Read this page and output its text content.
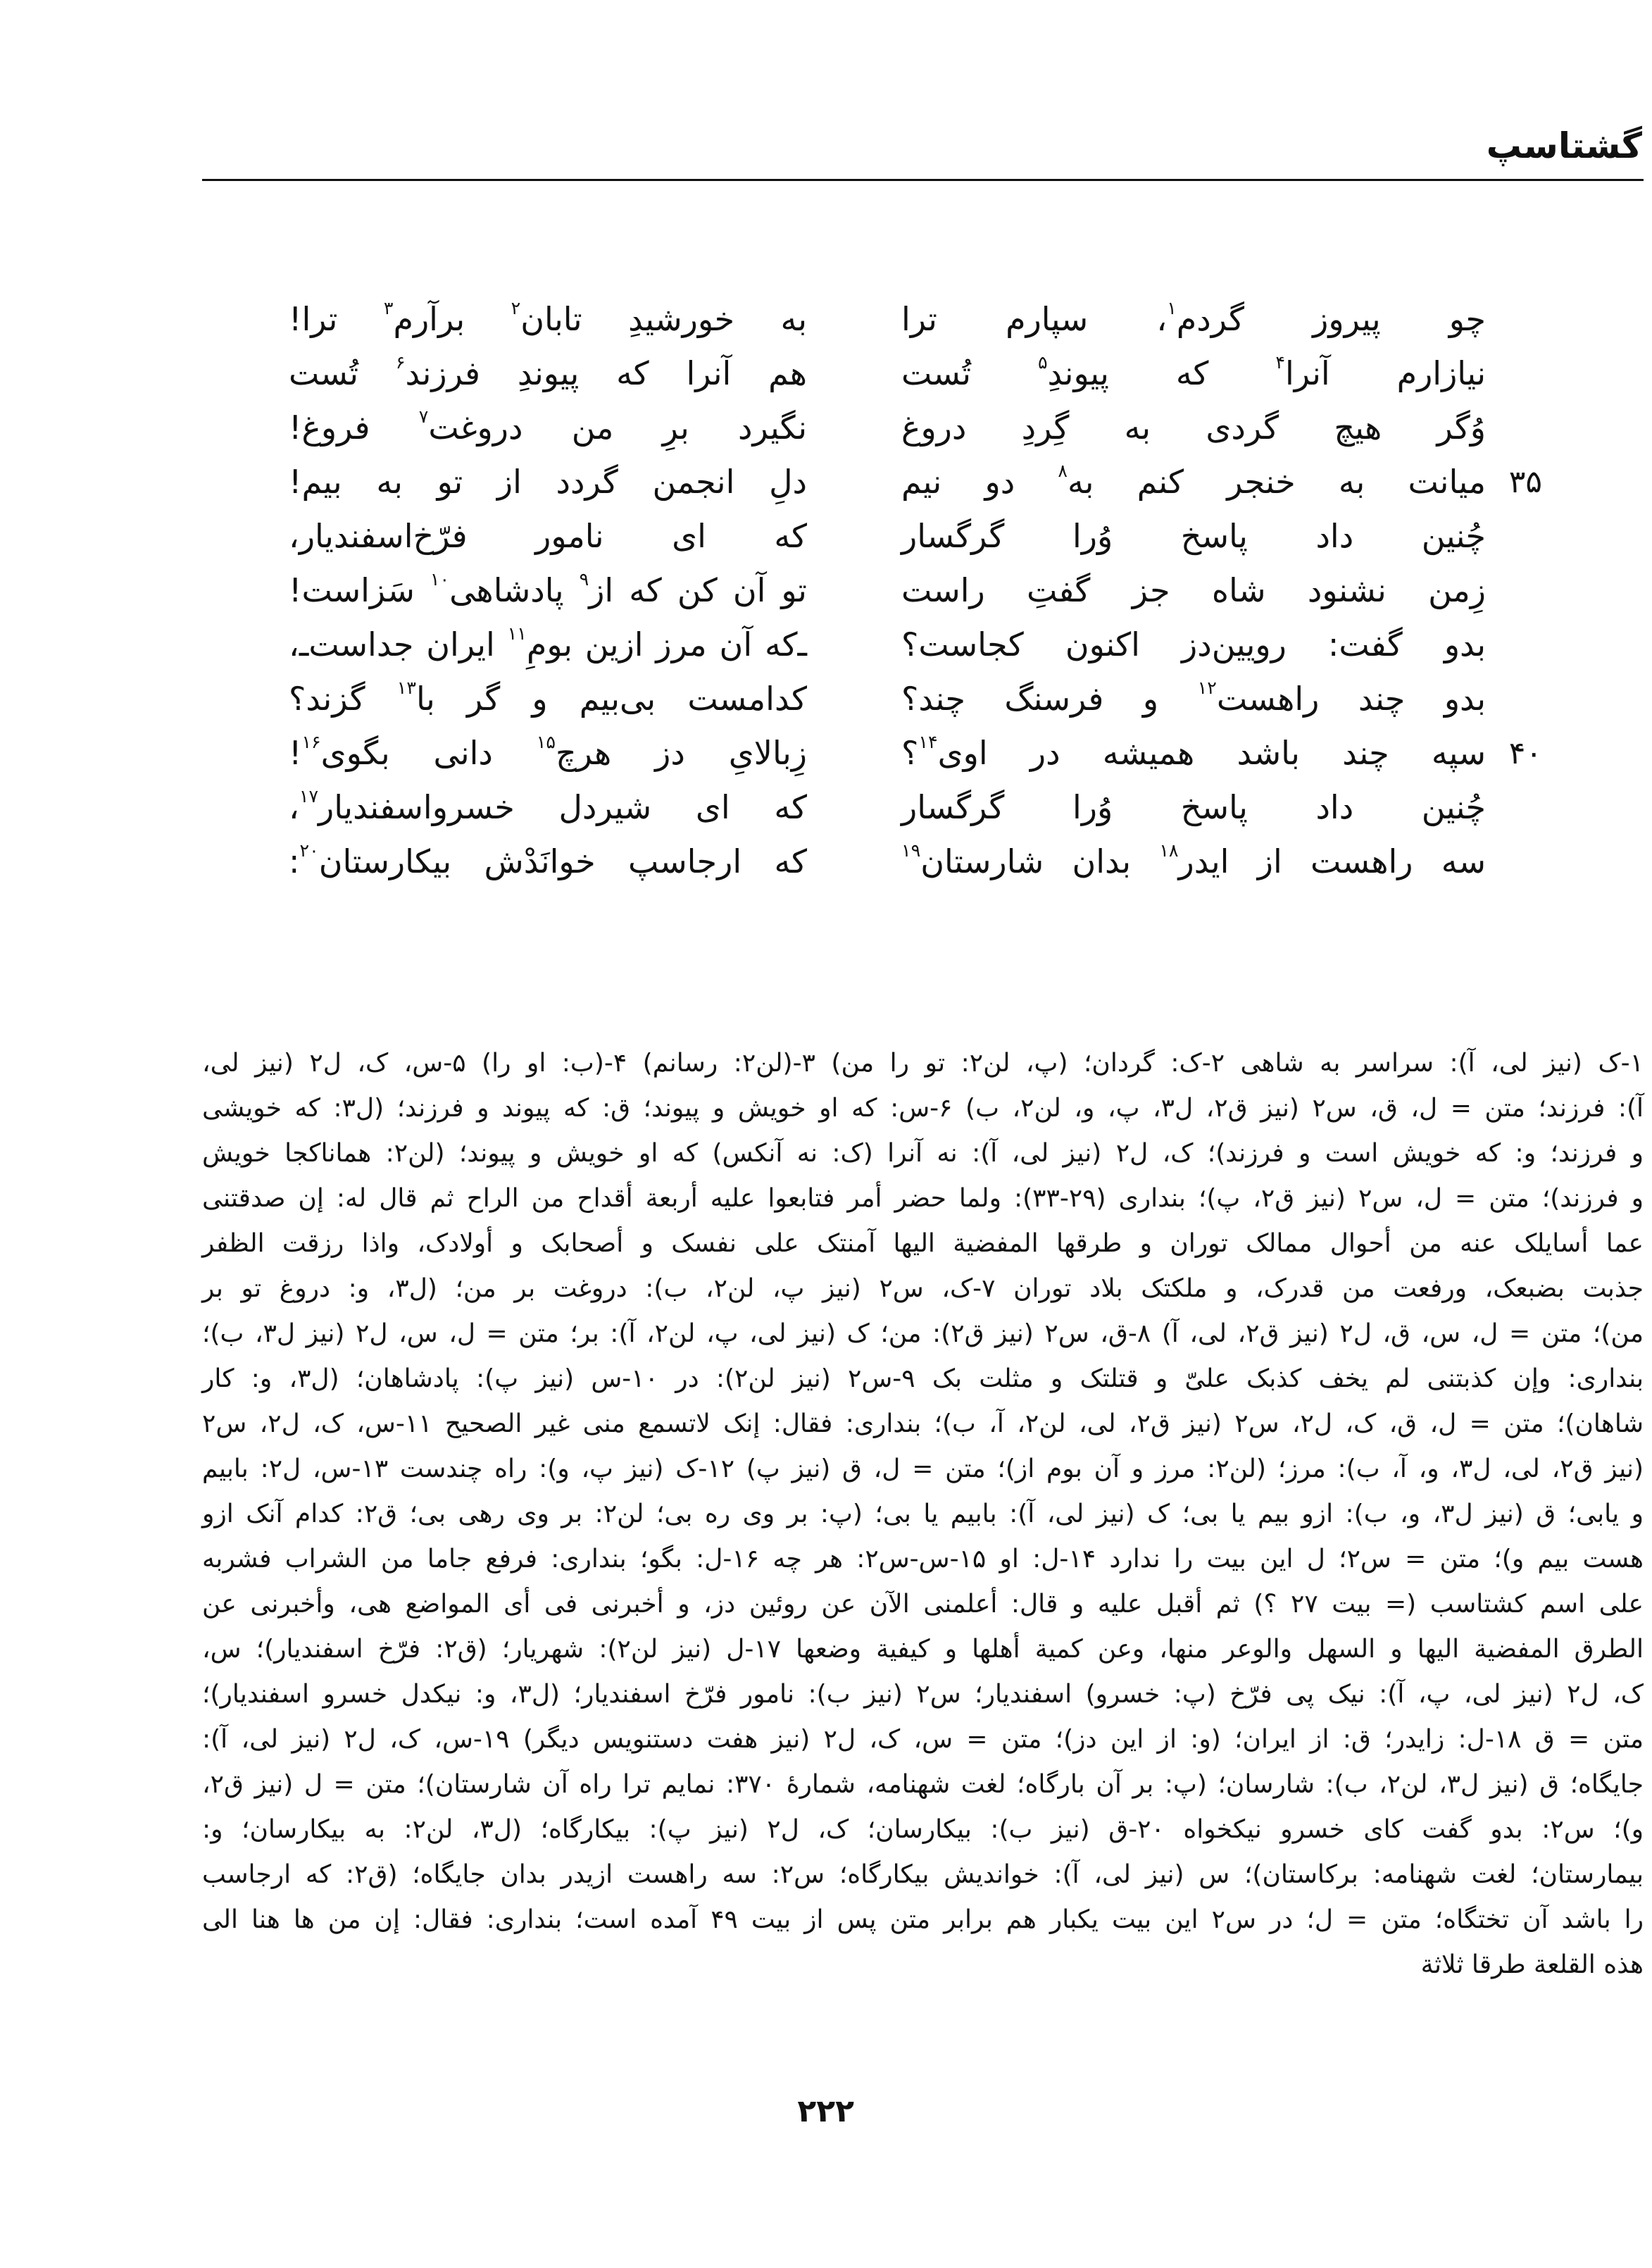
گشتاسپ
چو پیروز گردم$^۱$، سپارم ترا
نیازارم آنرا$^۴$ که پیوندِ$^۵$ تُست
وُگر هیچ گردی به گِردِ دروغ
میانت به خنجر کنم به$^۸$ دو نیم
چُنین داد پاسخ وُرا گرگسار
زِمن نشنود شاه جز گفتِ راست
بدو گفت: رویین‌دز اکنون کجاست؟
بدو چند راهست$^{۱۲}$ و فرسنگ چند؟
سپه چند باشد همیشه در اوی$^{۱۴}$؟
چُنین داد پاسخ وُرا گرگسار
سه راهست از ایدر$^{۱۸}$ بدان شارستان$^{۱۹}$
به خورشیدِ تابان$^۲$ برآرم$^۳$ ترا!
هم آنرا که پیوندِ فرزند$^۶$ تُست
نگیرد برِ من دروغت$^۷$ فروغ!
دلِ انجمن گردد از تو به بیم!
که ای نامور فرّخ‌اسفندیار،
تو آن کن که از$^۹$ پادشاهی$^{۱۰}$ سَزاست!
ـ‌که آن مرز ازین بومِ$^{۱۱}$ ایران جداست‌ـ،
کدامست بی‌بیم و گر با$^{۱۳}$ گزند؟
زِبالایِ دز هرچ$^{۱۵}$ دانی بگوی$^{۱۶}$!
که ای شیردل خسرواسفندیار$^{۱۷}$،
که ارجاسپ خوانَدْش بیکارستان$^{۲۰}$:
۳۵
۴۰
۱-ک (نیز لی، آ): سراسر به شاهی ۲-ک: گردان؛ (پ، لن۲: تو را من) ۳-(لن۲: رسانم) ۴-(ب: او را) ۵-س، ک، ل۲ (نیز لی،
آ): فرزند؛ متن = ل، ق، س۲ (نیز ق۲، ل۳، پ، و، لن۲، ب) ۶-س: که او خویش و پیوند؛ ق: که پیوند و فرزند؛ (ل۳: که خویشی
و فرزند؛ و: که خویش است و فرزند)؛ ک، ل۲ (نیز لی، آ): نه آنرا (ک: نه آنکس) که او خویش و پیوند؛ (لن۲: هماناکجا خویش
و فرزند)؛ متن = ل، س۲ (نیز ق۲، پ)؛ بنداری (۲۹-۳۳): ولما حضر أمر فتابعوا علیه أربعة أقداح من الراح ثم قال له: إن صدقتنی
عما أسایلک عنه من أحوال ممالک توران و طرقها المفضیة الیها آمنتک علی نفسک و أصحابک و أولادک، واذا رزقت الظفر
جذبت بضبعک، ورفعت من قدرک، و ملکتک بلاد توران ۷-ک، س۲ (نیز پ، لن۲، ب): دروغت بر من؛ (ل۳، و: دروغ تو بر
من)؛ متن = ل، س، ق، ل۲ (نیز ق۲، لی، آ) ۸-ق، س۲ (نیز ق۲): من؛ ک (نیز لی، پ، لن۲، آ): بر؛ متن = ل، س، ل۲ (نیز ل۳، ب)؛
بنداری: وإن کذبتنی لم یخف کذبک علیّ و قتلتک و مثلت بک ۹-س۲ (نیز لن۲): در ۱۰-س (نیز پ): پادشاهان؛ (ل۳، و: کار
شاهان)؛ متن = ل، ق، ک، ل۲، س۲ (نیز ق۲، لی، لن۲، آ، ب)؛ بنداری: فقال: إنک لاتسمع منی غیر الصحیح ۱۱-س، ک، ل۲، س۲
(نیز ق۲، لی، ل۳، و، آ، ب): مرز؛ (لن۲: مرز و آن بوم از)؛ متن = ل، ق (نیز پ) ۱۲-ک (نیز پ، و): راه چندست ۱۳-س، ل۲: بابیم
و یابی؛ ق (نیز ل۳، و، ب): ازو بیم یا بی؛ ک (نیز لی، آ): بابیم یا بی؛ (پ: بر وی ره بی؛ لن۲: بر وی رهی بی؛ ق۲: کدام آنک ازو
هست بیم و)؛ متن = س۲؛ ل این بیت را ندارد ۱۴-ل: او ۱۵-س-س۲: هر چه ۱۶-ل: بگو؛ بنداری: فرفع جاما من الشراب فشربه
علی اسم کشتاسب (= بیت ۲۷ ؟) ثم أقبل علیه و قال: أعلمنی الآن عن روئین دز، و أخبرنی فی أی المواضع هی، وأخبرنی عن
الطرق المفضیة الیها و السهل والوعر منها، وعن کمیة أهلها و کیفیة وضعها ۱۷-ل (نیز لن۲): شهریار؛ (ق۲: فرّخ اسفندیار)؛ س،
ک، ل۲ (نیز لی، پ، آ): نیک پی فرّخ (پ: خسرو) اسفندیار؛ س۲ (نیز ب): نامور فرّخ اسفندیار؛ (ل۳، و: نیکدل خسرو اسفندیار)؛
متن = ق ۱۸-ل: زایدر؛ ق: از ایران؛ (و: از این دز)؛ متن = س، ک، ل۲ (نیز هفت دستنویس دیگر) ۱۹-س، ک، ل۲ (نیز لی، آ):
جایگاه؛ ق (نیز ل۳، لن۲، ب): شارسان؛ (پ: بر آن بارگاه؛ لغت شهنامه، شمارهٔ ۳۷۰: نمایم ترا راه آن شارستان)؛ متن = ل (نیز ق۲،
و)؛ س۲: بدو گفت کای خسرو نیکخواه ۲۰-ق (نیز ب): بیکارسان؛ ک، ل۲ (نیز پ): بیکارگاه؛ (ل۳، لن۲: به بیکارسان؛ و:
بیمارستان؛ لغت شهنامه: برکاستان)؛ س (نیز لی، آ): خواندیش بیکارگاه؛ س۲: سه راهست ازیدر بدان جایگاه؛ (ق۲: که ارجاسب
را باشد آن تختگاه؛ متن = ل؛ در س۲ این بیت یکبار هم برابر متن پس از بیت ۴۹ آمده است؛ بنداری: فقال: إن من ها هنا الی
هذه القلعة طرقا ثلاثة
۲۲۲
